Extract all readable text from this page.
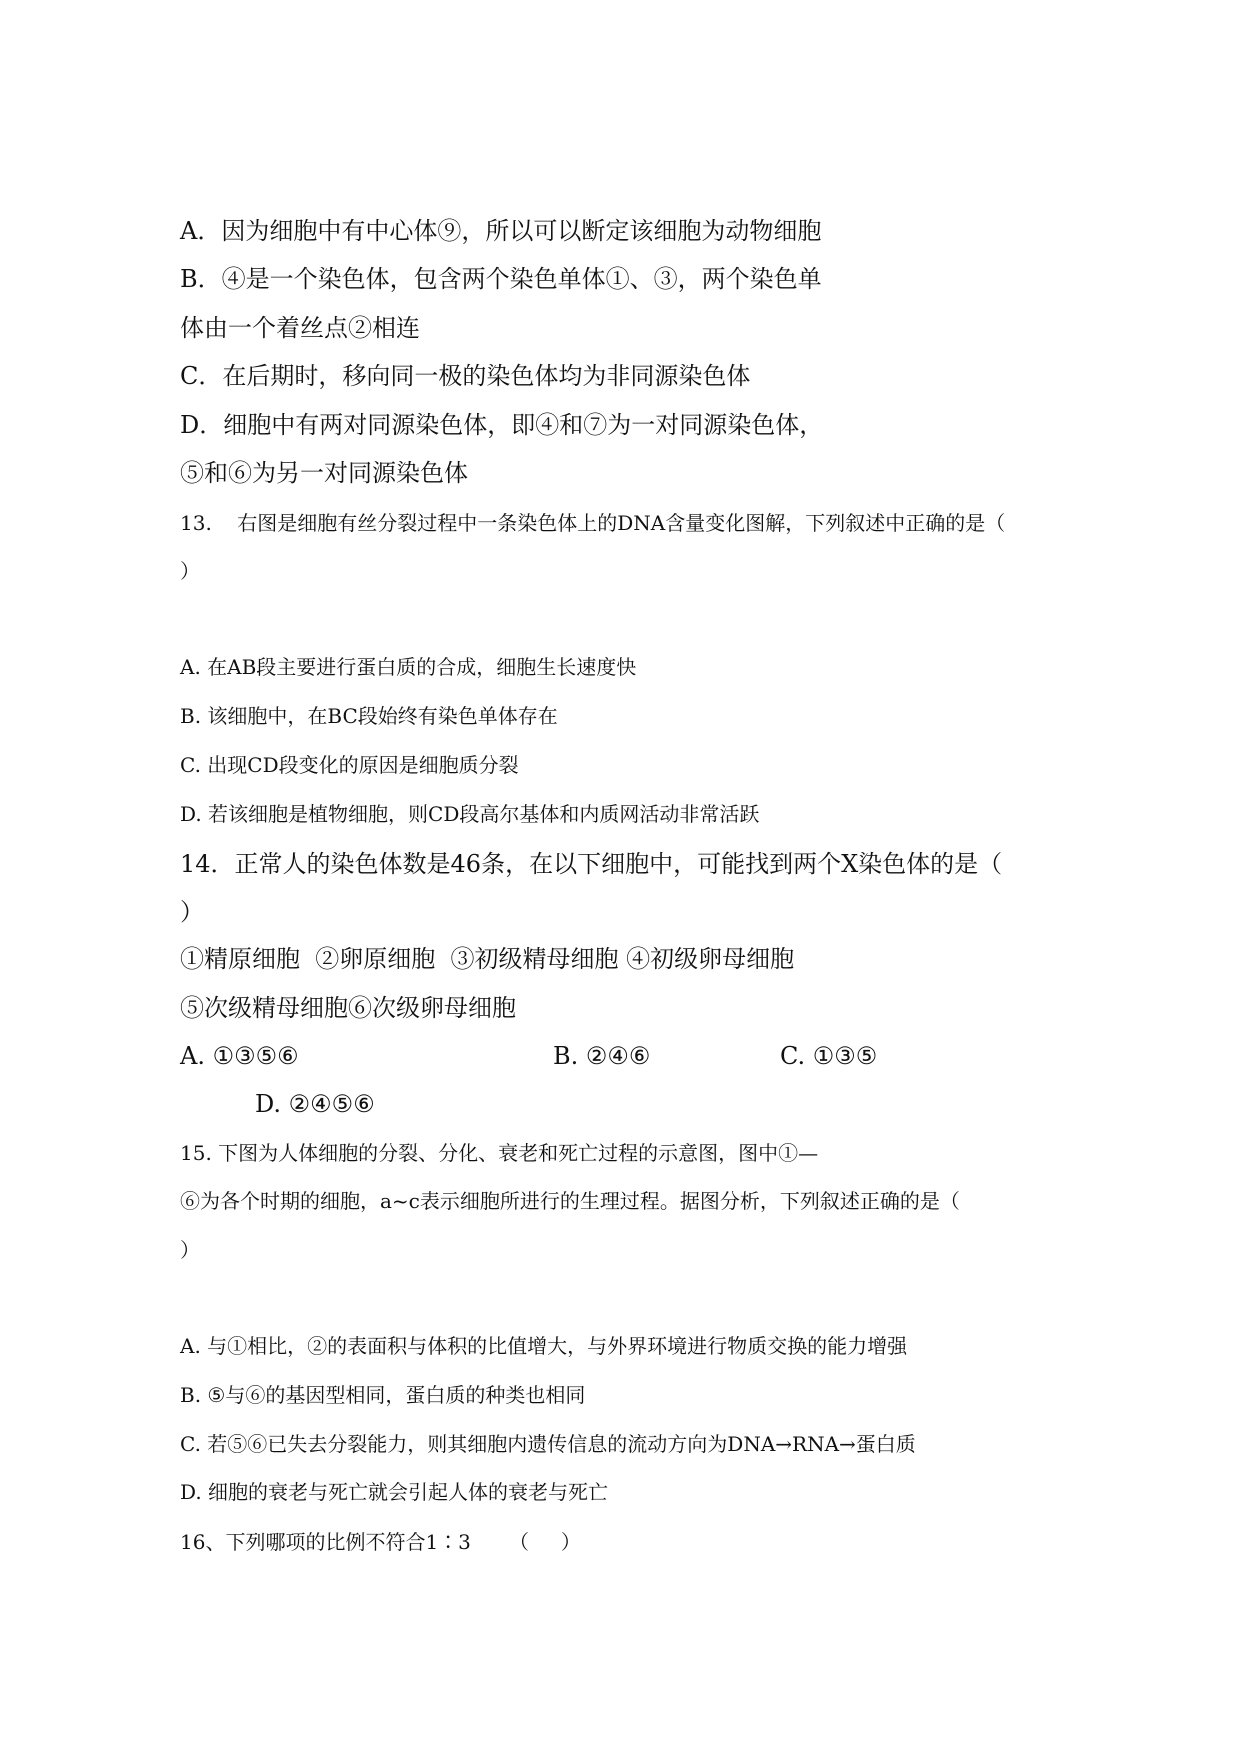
A．因为细胞中有中心体⑨，所以可以断定该细胞为动物细胞
B．④是一个染色体，包含两个染色单体①、③，两个染色单
体由一个着丝点②相连
C．在后期时，移向同一极的染色体均为非同源染色体
D．细胞中有两对同源染色体，即④和⑦为一对同源染色体，
⑤和⑥为另一对同源染色体
13.    右图是细胞有丝分裂过程中一条染色体上的DNA含量变化图解，下列叙述中正确的是（
）
A. 在AB段主要进行蛋白质的合成，细胞生长速度快
B. 该细胞中，在BC段始终有染色单体存在
C. 出现CD段变化的原因是细胞质分裂
D. 若该细胞是植物细胞，则CD段高尔基体和内质网活动非常活跃
14．正常人的染色体数是46条，在以下细胞中，可能找到两个X染色体的是（
）
①精原细胞  ②卵原细胞  ③初级精母细胞 ④初级卵母细胞
⑤次级精母细胞⑥次级卵母细胞
A. ①③⑤⑥	B. ②④⑥	C. ①③⑤
D. ②④⑤⑥
15. 下图为人体细胞的分裂、分化、衰老和死亡过程的示意图，图中①—
⑥为各个时期的细胞，a~c表示细胞所进行的生理过程。据图分析，下列叙述正确的是（
）
A. 与①相比，②的表面积与体积的比值增大，与外界环境进行物质交换的能力增强
B. ⑤与⑥的基因型相同，蛋白质的种类也相同
C. 若⑤⑥已失去分裂能力，则其细胞内遗传信息的流动方向为DNA→RNA→蛋白质
D. 细胞的衰老与死亡就会引起人体的衰老与死亡
16、下列哪项的比例不符合1∶3      （     ）
